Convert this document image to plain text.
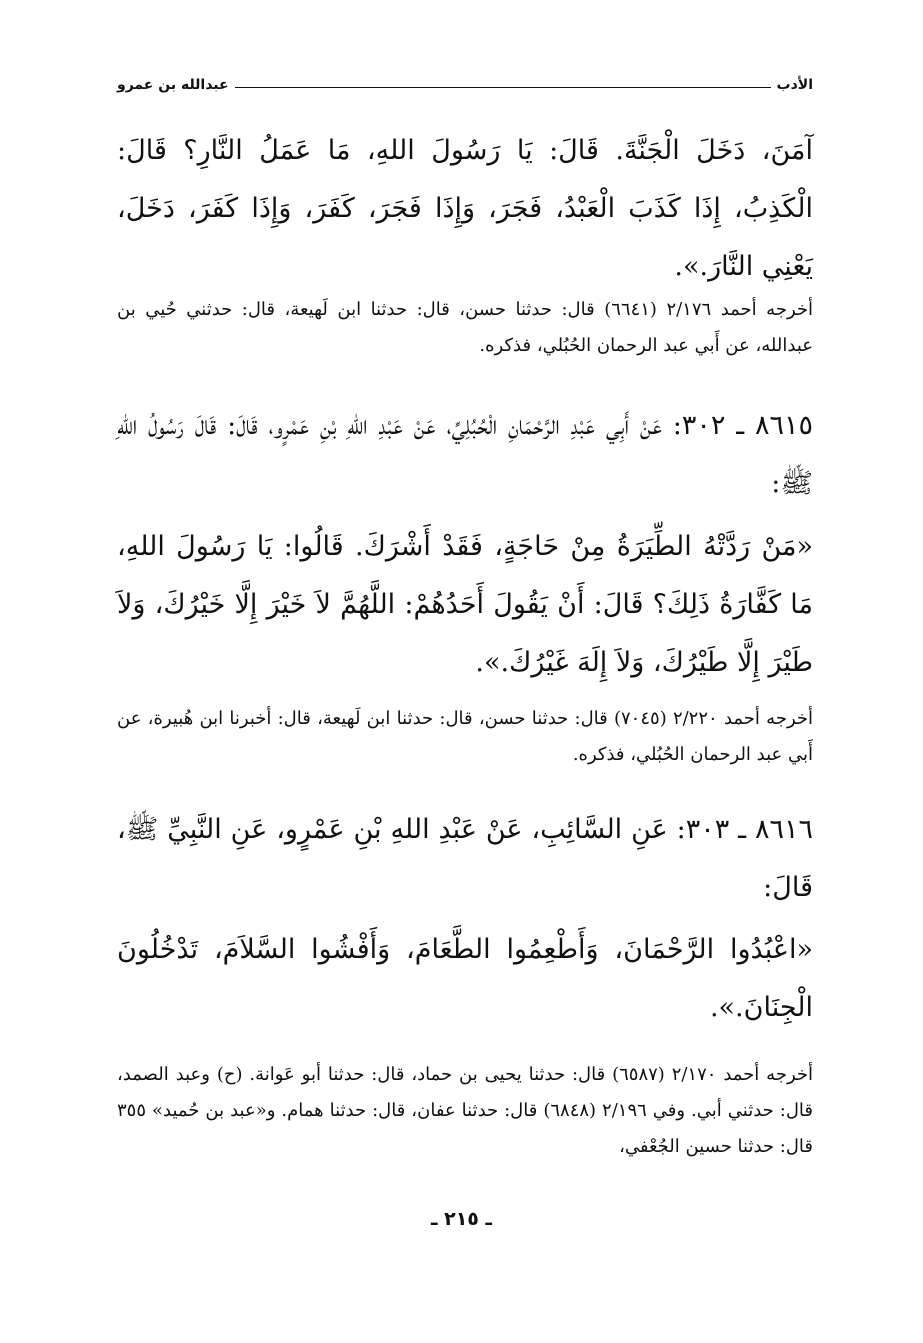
الأدب
عبدالله بن عمرو
آمَنَ، دَخَلَ الْجَنَّةَ. قَالَ: يَا رَسُولَ اللهِ، مَا عَمَلُ النَّارِ؟ قَالَ: الْكَذِبُ، إِذَا كَذَبَ الْعَبْدُ، فَجَرَ، وَإِذَا فَجَرَ، كَفَرَ، وَإِذَا كَفَرَ، دَخَلَ، يَعْنِي النَّارَ.».
أخرجه أحمد ٢/١٧٦ (٦٦٤١) قال: حدثنا حسن، قال: حدثنا ابن لَهيعة، قال: حدثني حُيي بن عبدالله، عن أَبي عبد الرحمان الحُبُلي، فذكره.
٨٦١٥ ـ ٣٠٢: عَنْ أَبِي عَبْدِ الرَّحْمَانِ الْحُبُلِيِّ، عَنْ عَبْدِ اللهِ بْنِ عَمْرٍو، قَالَ: قَالَ رَسُولُ اللهِ ﷺ:
«مَنْ رَدَّتْهُ الطِّيَرَةُ مِنْ حَاجَةٍ، فَقَدْ أَشْرَكَ. قَالُوا: يَا رَسُولَ اللهِ، مَا كَفَّارَةُ ذَلِكَ؟ قَالَ: أَنْ يَقُولَ أَحَدُهُمْ: اللَّهُمَّ لاَ خَيْرَ إِلَّا خَيْرُكَ، وَلاَ طَيْرَ إِلَّا طَيْرُكَ، وَلاَ إِلَهَ غَيْرُكَ.».
أخرجه أحمد ٢/٢٢٠ (٧٠٤٥) قال: حدثنا حسن، قال: حدثنا ابن لَهيعة، قال: أخبرنا ابن هُبيرة، عن أَبي عبد الرحمان الحُبُلي، فذكره.
٨٦١٦ ـ ٣٠٣: عَنِ السَّائِبِ، عَنْ عَبْدِ اللهِ بْنِ عَمْرٍو، عَنِ النَّبِيِّ ﷺ، قَالَ:
«اعْبُدُوا الرَّحْمَانَ، وَأَطْعِمُوا الطَّعَامَ، وَأَفْشُوا السَّلاَمَ، تَدْخُلُونَ الْجِنَانَ.».
أخرجه أحمد ٢/١٧٠ (٦٥٨٧) قال: حدثنا يحيى بن حماد، قال: حدثنا أبو عَوانة. (ح) وعبد الصمد، قال: حدثني أبي. وفي ٢/١٩٦ (٦٨٤٨) قال: حدثنا عفان، قال: حدثنا همام. و«عبد بن حُميد» ٣٥٥ قال: حدثنا حسين الجُعْفي،
ـ ٢١٥ ـ
